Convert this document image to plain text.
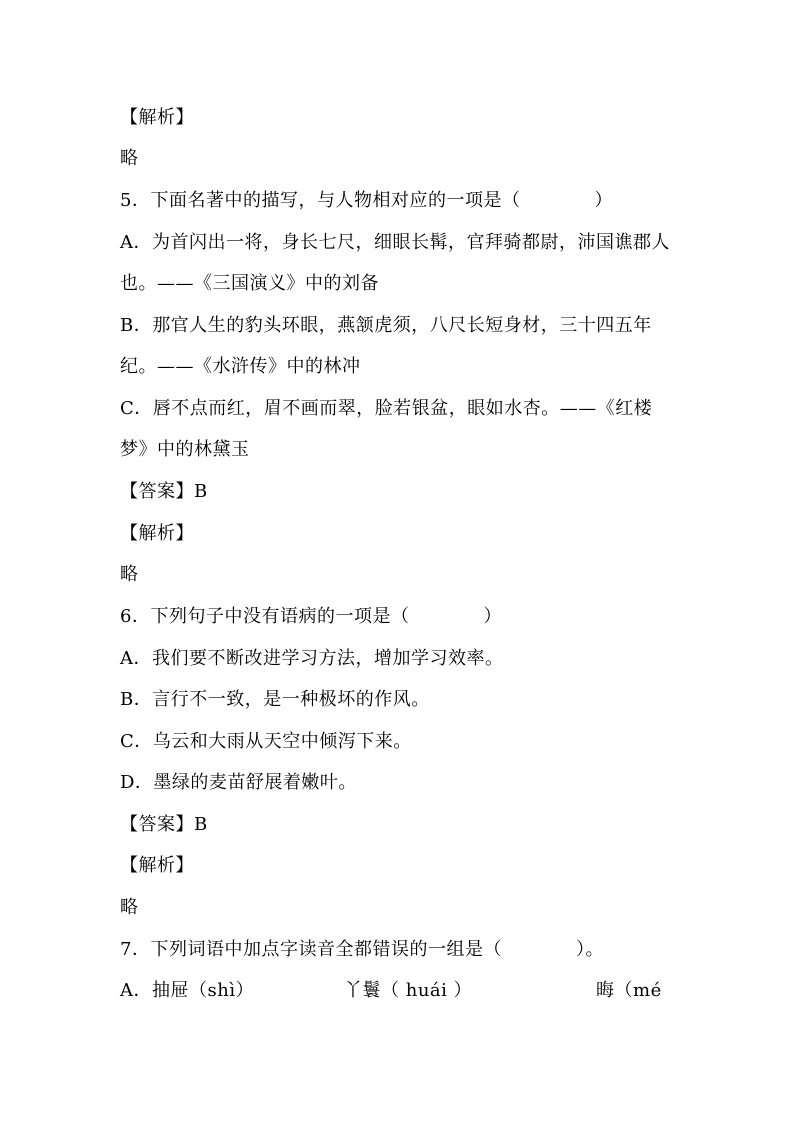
【解析】
略
5．下面名著中的描写，与人物相对应的一项是（　　　　）
A．为首闪出一将，身长七尺，细眼长髯，官拜骑都尉，沛国谯郡人
也。——《三国演义》中的刘备
B．那官人生的豹头环眼，燕颔虎须，八尺长短身材，三十四五年
纪。——《水浒传》中的林冲
C．唇不点而红，眉不画而翠，脸若银盆，眼如水杏。——《红楼
梦》中的林黛玉
【答案】B
【解析】
略
6．下列句子中没有语病的一项是（　　　　）
A．我们要不断改进学习方法，增加学习效率。
B．言行不一致，是一种极坏的作风。
C．乌云和大雨从天空中倾泻下来。
D．墨绿的麦苗舒展着嫩叶。
【答案】B
【解析】
略
7．下列词语中加点字读音全都错误的一组是（　　　　）。
A．抽屉（shì）	丫鬟（ huái ）	晦（mé
